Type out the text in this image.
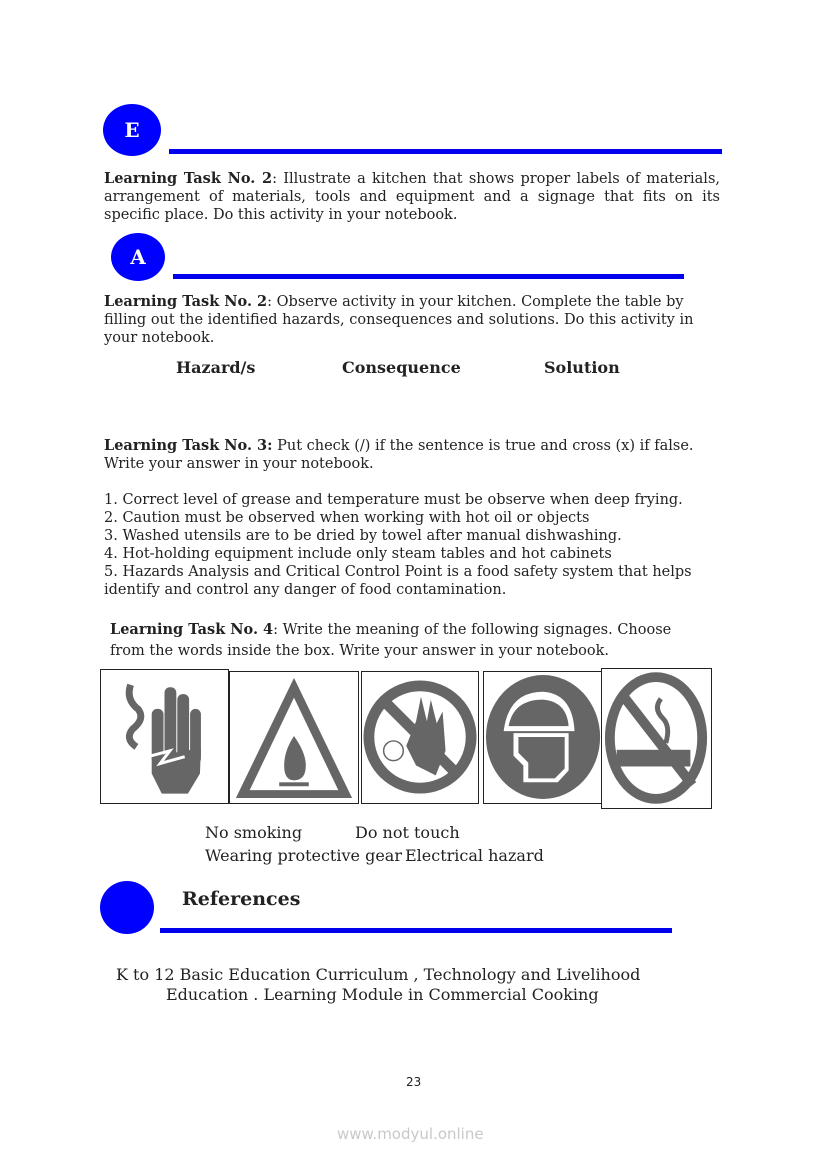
E
Learning Task No. 2: Illustrate a kitchen that shows proper labels of materials, arrangement of materials, tools and equipment and a signage that fits on its specific place. Do this activity in your notebook.
A
Learning Task No. 2: Observe activity in your kitchen. Complete the table by filling out the identified hazards, consequences and solutions. Do this activity in your notebook.
Hazard/s	Consequence	Solution
Learning Task No. 3: Put check (/) if the sentence is true and cross (x) if false. Write your answer in your notebook.
1. Correct level of grease and temperature must be observe when deep frying.
2. Caution must be observed when working with hot oil or objects
3. Washed utensils are to be dried by towel after manual dishwashing.
4. Hot-holding equipment include only steam tables and hot cabinets
5. Hazards Analysis and Critical Control Point is a food safety system that helps identify and control any danger of food contamination.
Learning Task No. 4: Write the meaning of the following signages. Choose from the words inside the box. Write your answer in your notebook.
No smoking	Do not touch
Wearing protective gear Electrical hazard
References
K to 12 Basic Education Curriculum , Technology and Livelihood
Education . Learning Module in Commercial Cooking
23
www.modyul.online
